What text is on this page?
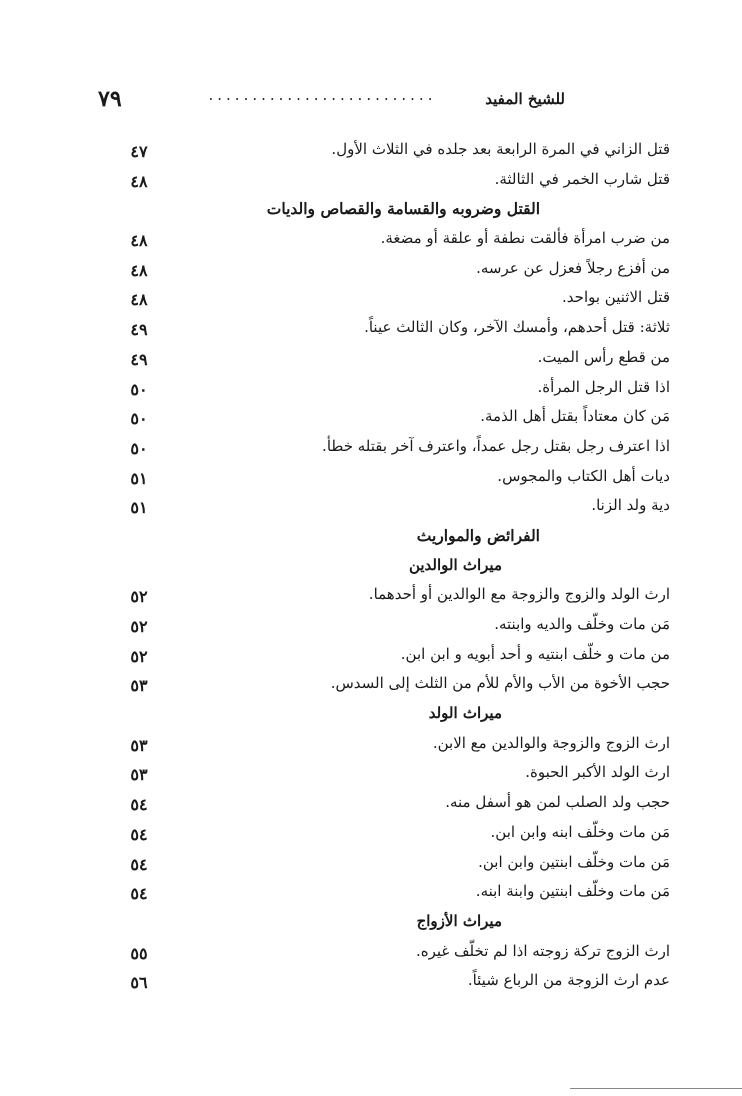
للشيخ المفيد
..........................
٧٩
قتل الزاني في المرة الرابعة بعد جلده في الثلاث الأول.
٤٧
قتل شارب الخمر في الثالثة.
٤٨
القتل وضروبه والقسامة والقصاص والديات
من ضرب امرأة فألقت نطفة أو علقة أو مضغة.
٤٨
من أفزع رجلاً فعزل عن عرسه.
٤٨
قتل الاثنين بواحد.
٤٨
ثلاثة: قتل أحدهم، وأمسك الآخر، وكان الثالث عيناً.
٤٩
من قطع رأس الميت.
٤٩
اذا قتل الرجل المرأة.
٥٠
مَن كان معتاداً بقتل أهل الذمة.
٥٠
اذا اعترف رجل بقتل رجل عمداً، واعترف آخر بقتله خطأ.
٥٠
ديات أهل الكتاب والمجوس.
٥١
دية ولد الزنا.
٥١
الفرائض والمواريث
ميراث الوالدين
ارث الولد والزوج والزوجة مع الوالدين أو أحدهما.
٥٢
مَن مات وخلّف والديه وابنته.
٥٢
من مات و خلّف ابنتيه و أحد أبويه و ابن ابن.
٥٢
حجب الأخوة من الأب والأم للأم من الثلث إلى السدس.
٥٣
ميراث الولد
ارث الزوج والزوجة والوالدين مع الابن.
٥٣
ارث الولد الأكبر الحبوة.
٥٣
حجب ولد الصلب لمن هو أسفل منه.
٥٤
مَن مات وخلّف ابنه وابن ابن.
٥٤
مَن مات وخلّف ابنتين وابن ابن.
٥٤
مَن مات وخلّف ابنتين وابنة ابنه.
٥٤
ميراث الأزواج
ارث الزوج تركة زوجته اذا لم تخلّف غيره.
٥٥
عدم ارث الزوجة من الرباع شيئاً.
٥٦
